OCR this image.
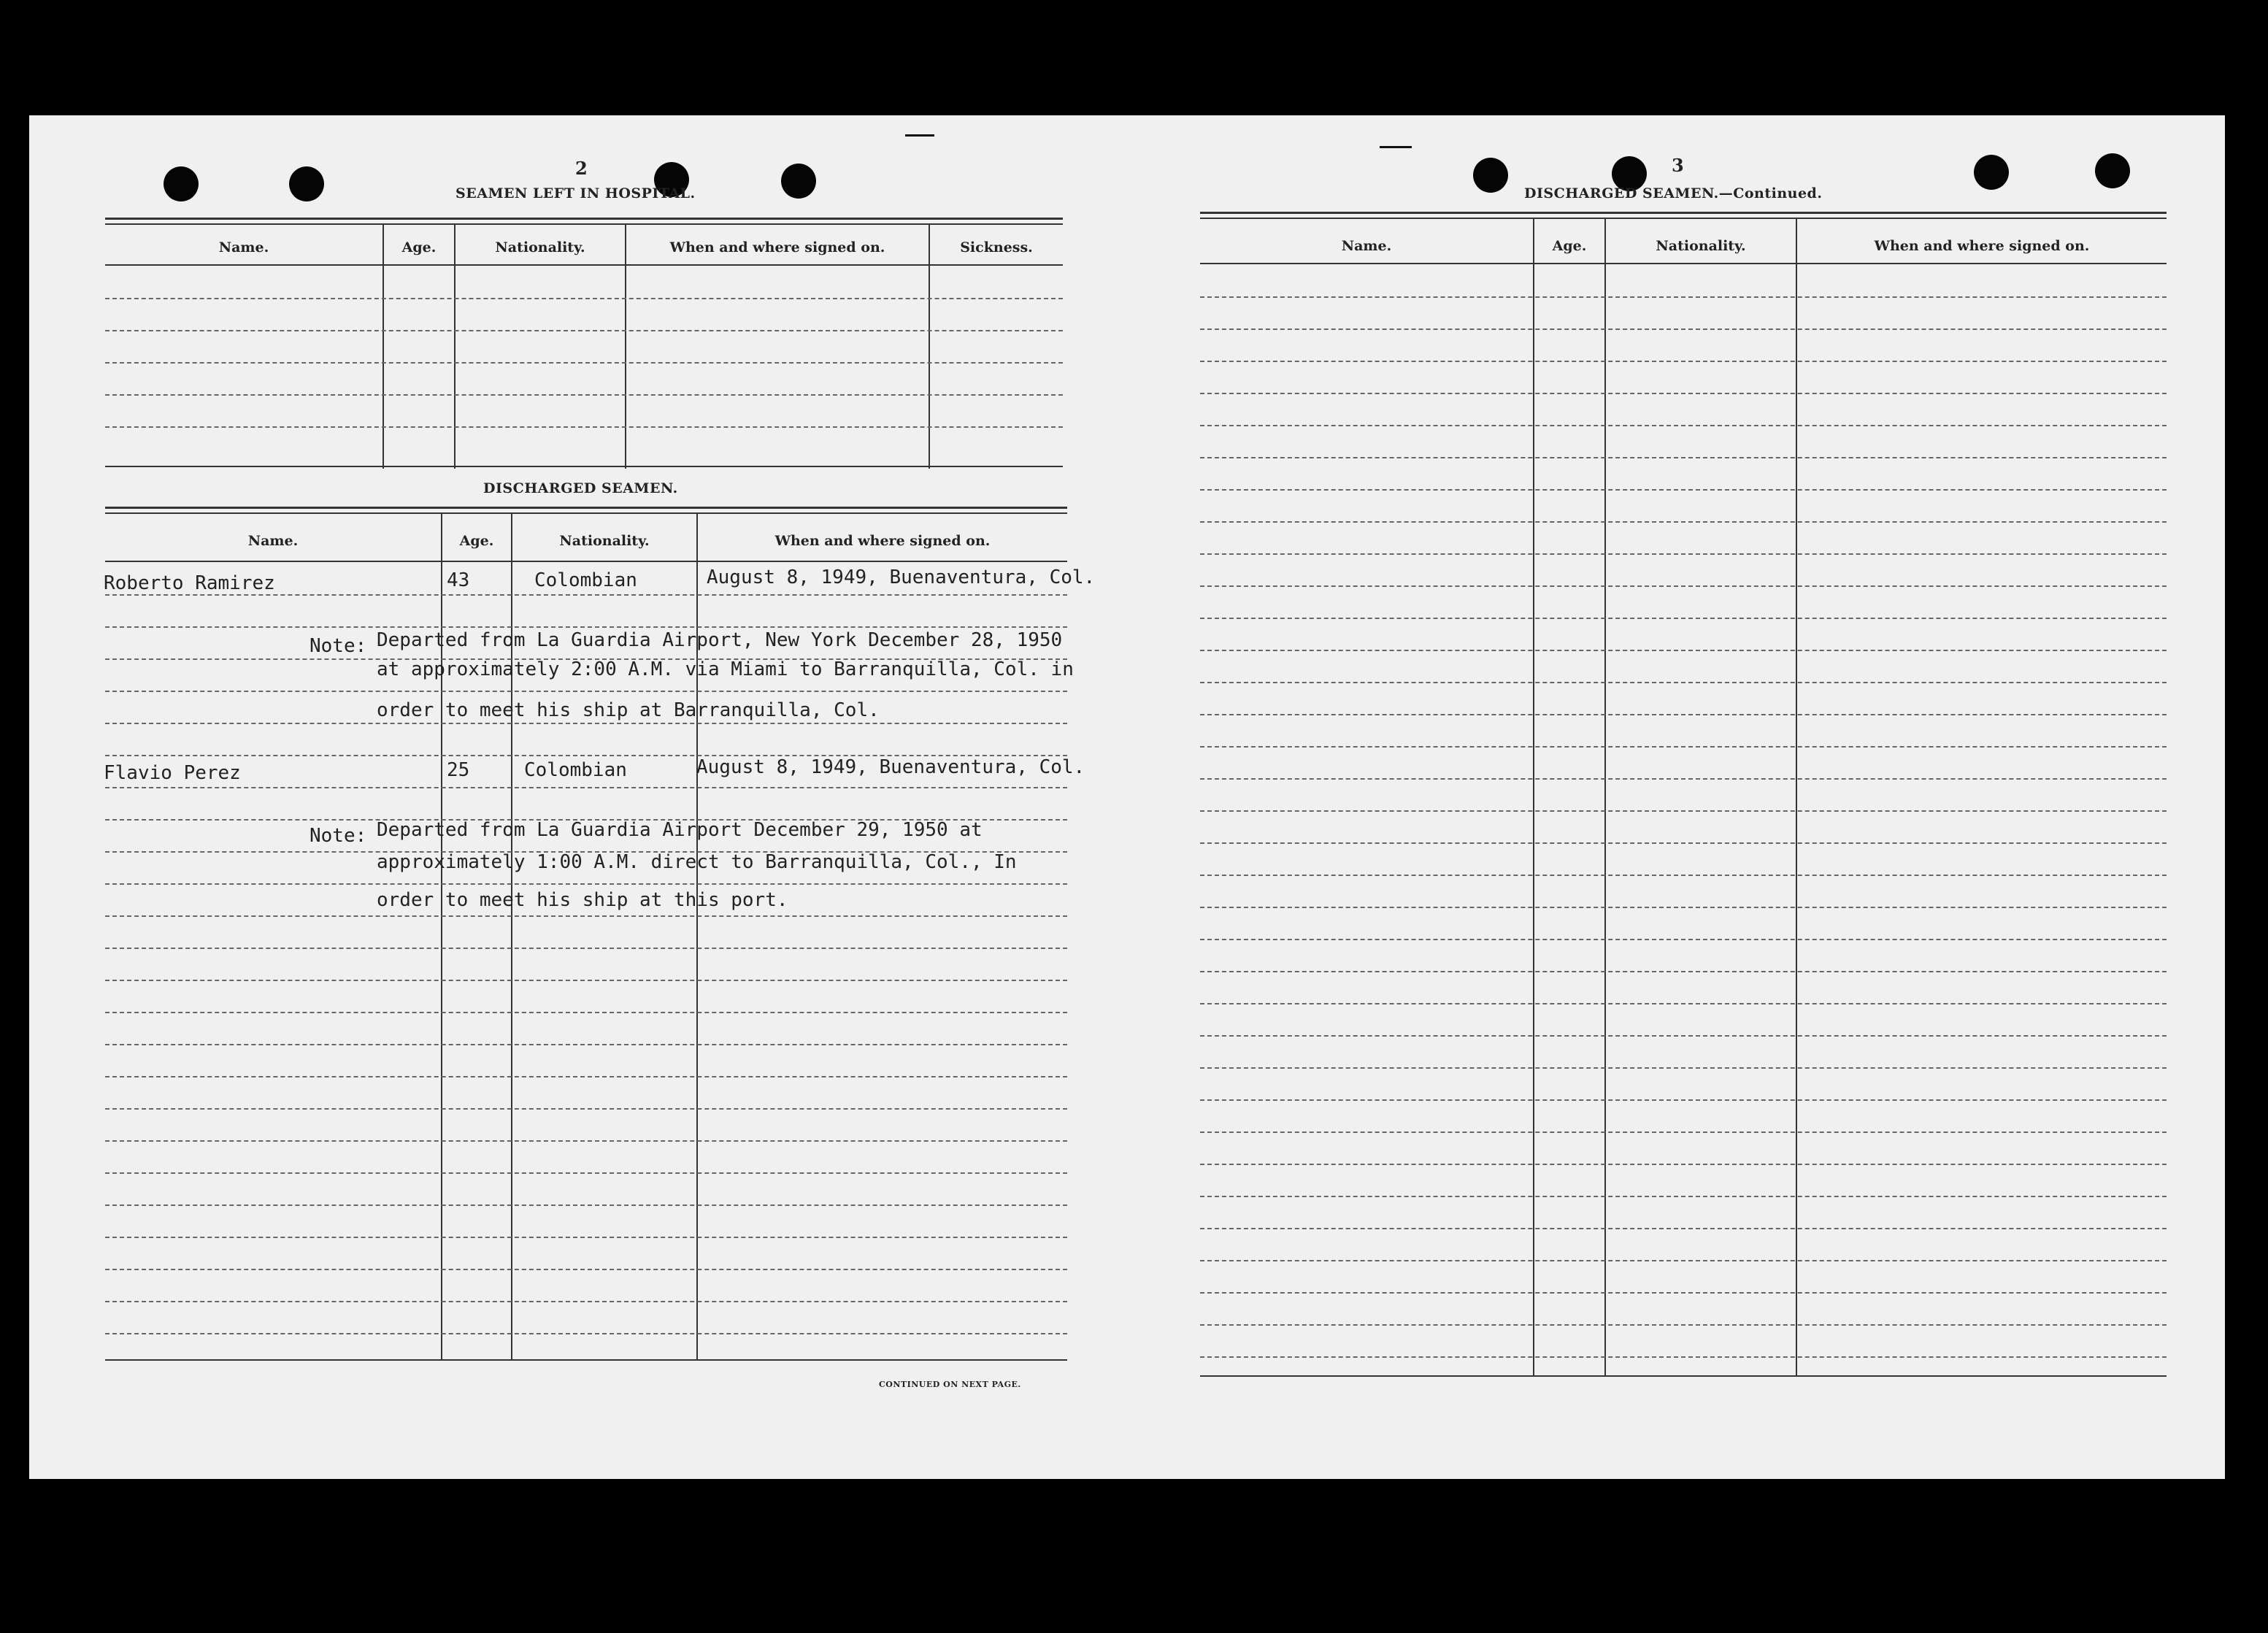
2
SEAMEN LEFT IN HOSPITAL.
Name.	Age.	Nationality.	When and where signed on.	Sickness.
DISCHARGED SEAMEN.
Name.	Age.	Nationality.	When and where signed on.
Roberto Ramirez	43	Colombian	August 8, 1949, Buenaventura, Col.
Note: Departed from La Guardia Airport, New York December 28, 1950
at approximately 2:00 A.M. via Miami to Barranquilla, Col. in
order to meet his ship at Barranquilla, Col.
Flavio Perez	25	Colombian	August 8, 1949, Buenaventura, Col.
Note: Departed from La Guardia Airport December 29, 1950 at
approximately 1:00 A.M. direct to Barranquilla, Col., In
order to meet his ship at this port.
CONTINUED ON NEXT PAGE.
3
DISCHARGED SEAMEN.—Continued.
Name.	Age.	Nationality.	When and where signed on.
